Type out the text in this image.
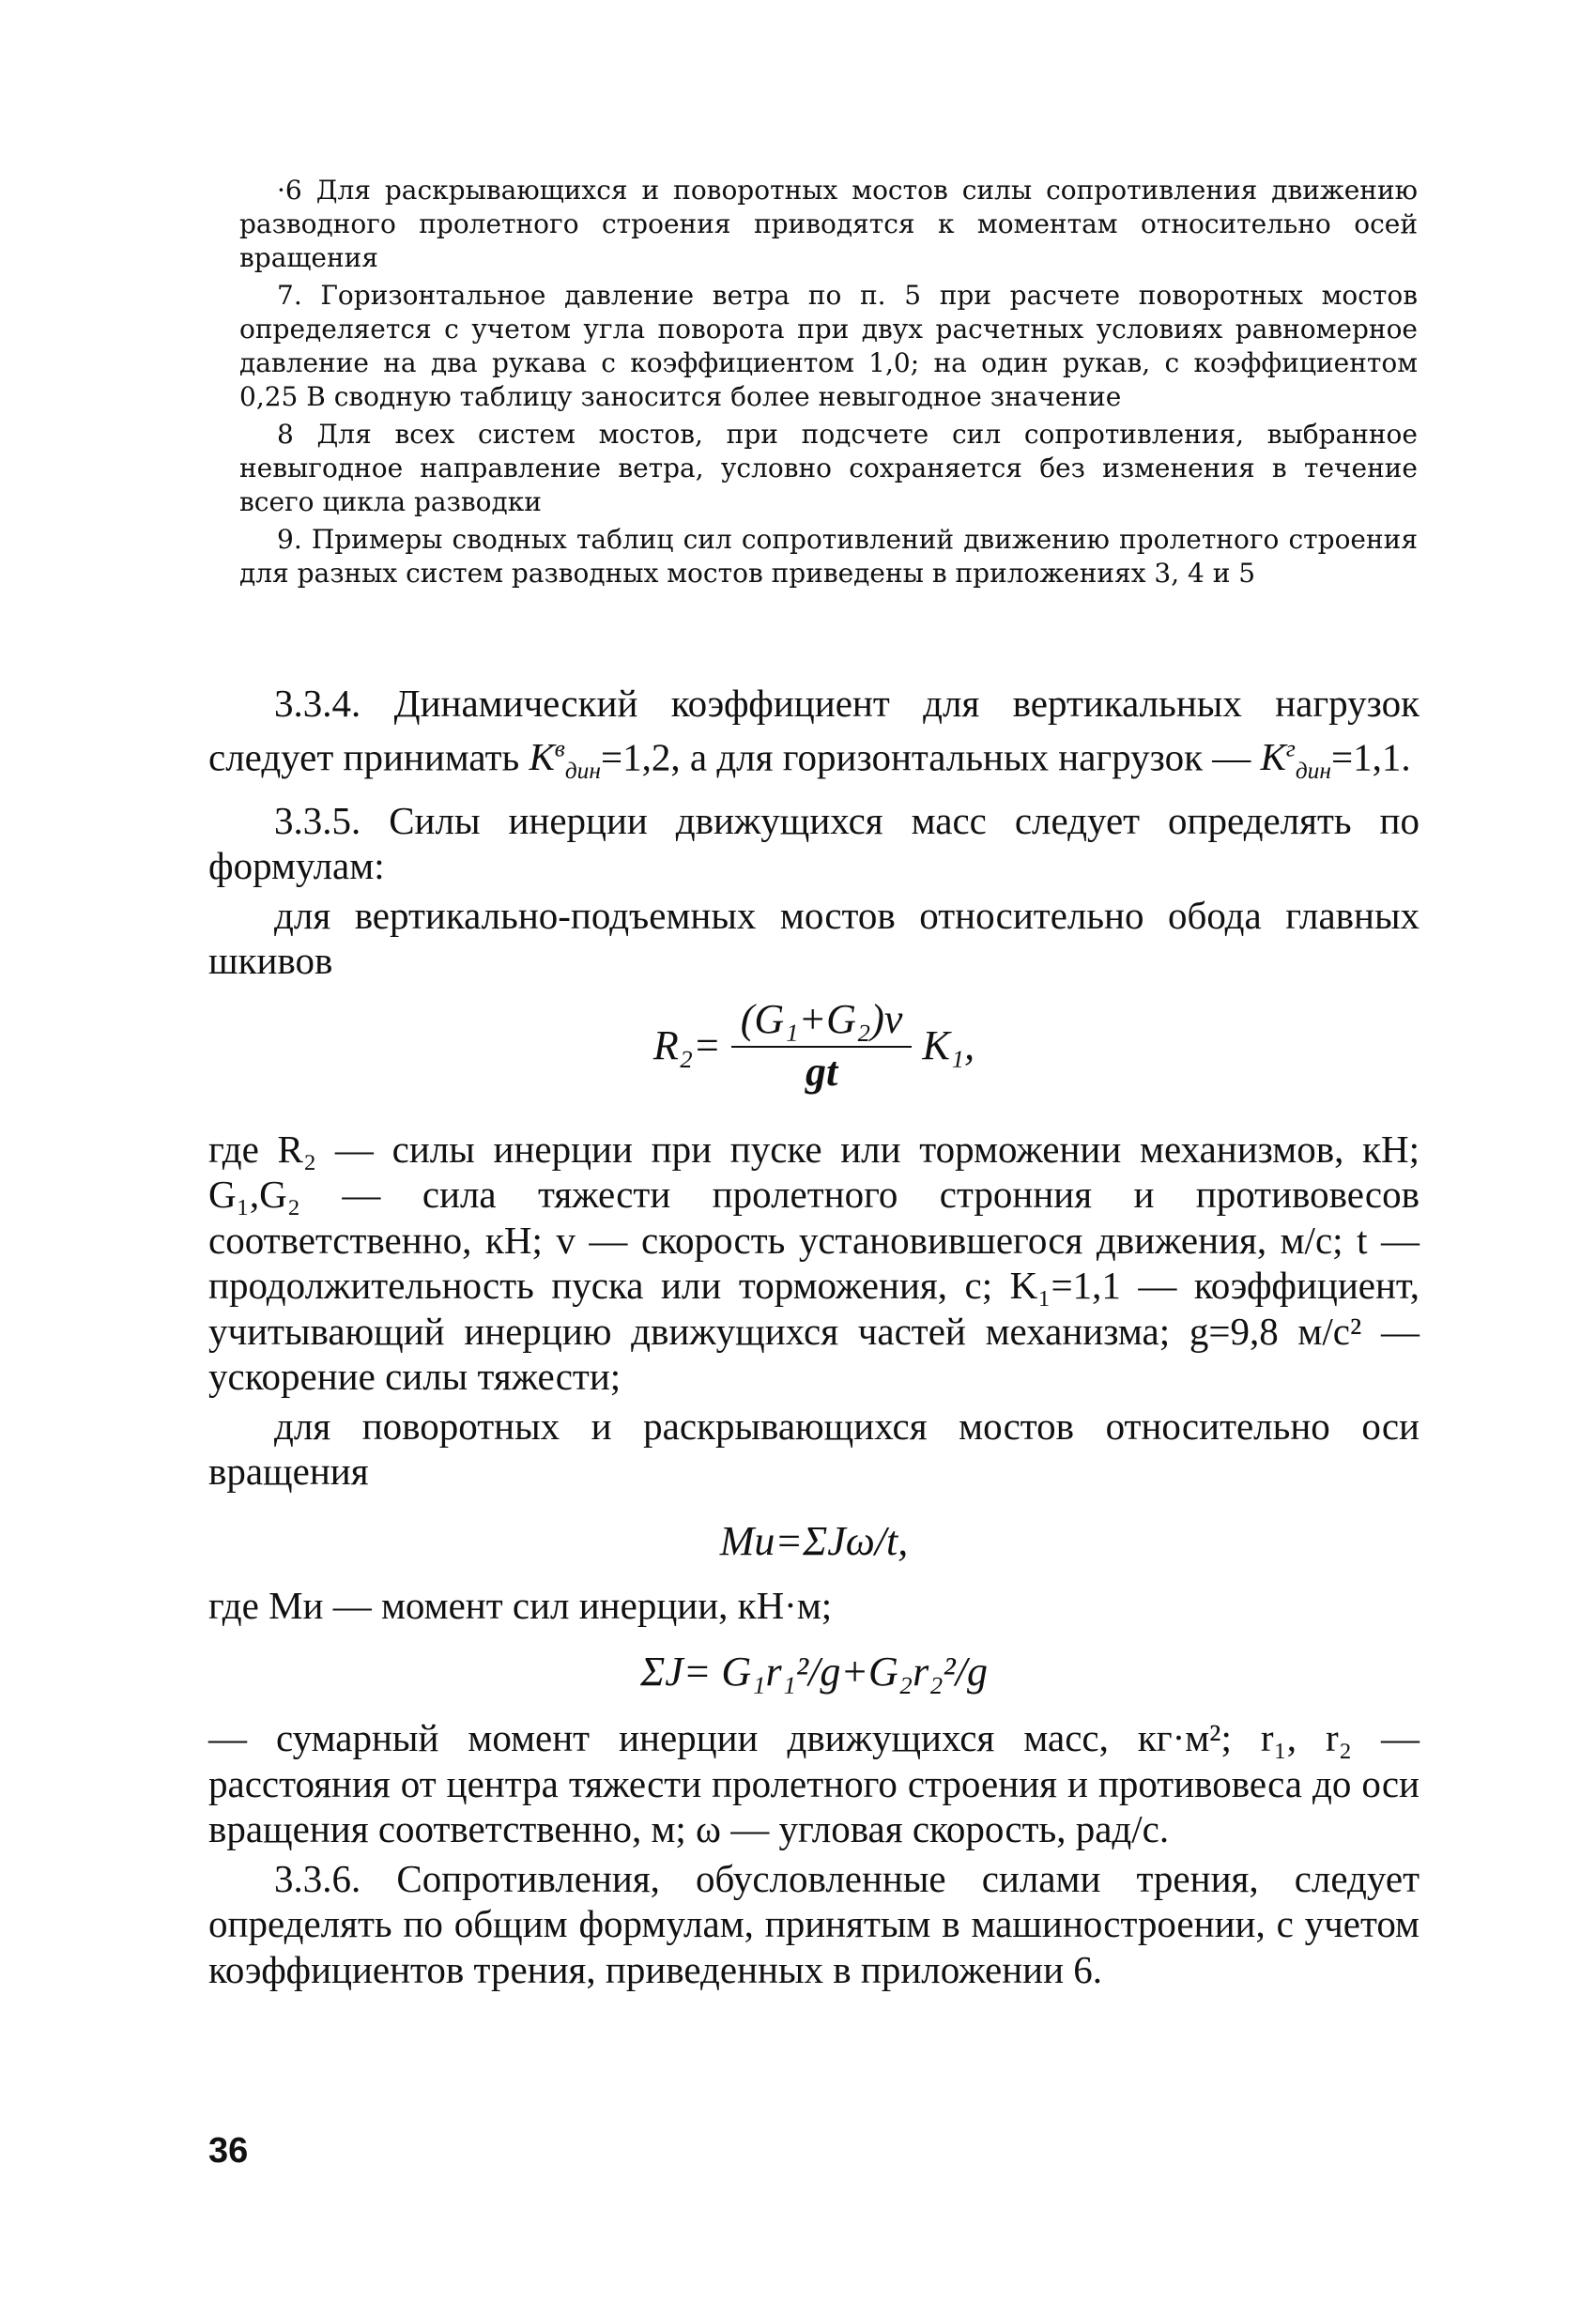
·6 Для раскрывающихся и поворотных мостов силы сопротивления движению разводного пролетного строения приводятся к моментам относительно осей вращения

7. Горизонтальное давление ветра по п. 5 при расчете поворотных мостов определяется с учетом угла поворота при двух расчетных условиях равномерное давление на два рукава с коэффициентом 1,0; на один рукав, с коэффициентом 0,25 В сводную таблицу заносится более невыгодное значение

8 Для всех систем мостов, при подсчете сил сопротивления, выбранное невыгодное направление ветра, условно сохраняется без изменения в течение всего цикла разводки

9. Примеры сводных таблиц сил сопротивлений движению пролетного строения для разных систем разводных мостов приведены в приложениях 3, 4 и 5

3.3.4. Динамический коэффициент для вертикальных нагрузок следует принимать $K^в_{дин}=1,2$, а для горизонтальных нагрузок — $K^г_{дин}=1,1$.

3.3.5. Силы инерции движущихся масс следует определять по формулам:

для вертикально-подъемных мостов относительно обода главных шкивов

$R_2= \frac{\text{(G₁+G₂)v}}{gt} K_1$,

где R₂ — силы инерции при пуске или торможении механизмов, кН; G₁,G₂ — сила тяжести пролетного стронния и противовесов соответственно, кН; v — скорость установившегося движения, м/с; t — продолжительность пуска или торможения, с; K₁=1,1 — коэффициент, учитывающий инерцию движущихся частей механизма; g=9,8 м/с² — ускорение силы тяжести;

для поворотных и раскрывающихся мостов относительно оси вращения

Mи=ΣJω/t,

где Mи — момент сил инерции, кН·м;

ΣJ= G₁r₁²/g+G₂r₂²/g

— сумарный момент инерции движущихся масс, кг·м²; r₁, r₂ — расстояния от центра тяжести пролетного строения и противовеса до оси вращения соответственно, м; ω — угловая скорость, рад/с.

3.3.6. Сопротивления, обусловленные силами трения, следует определять по общим формулам, принятым в машиностроении, с учетом коэффициентов трения, приведенных в приложении 6.

36
